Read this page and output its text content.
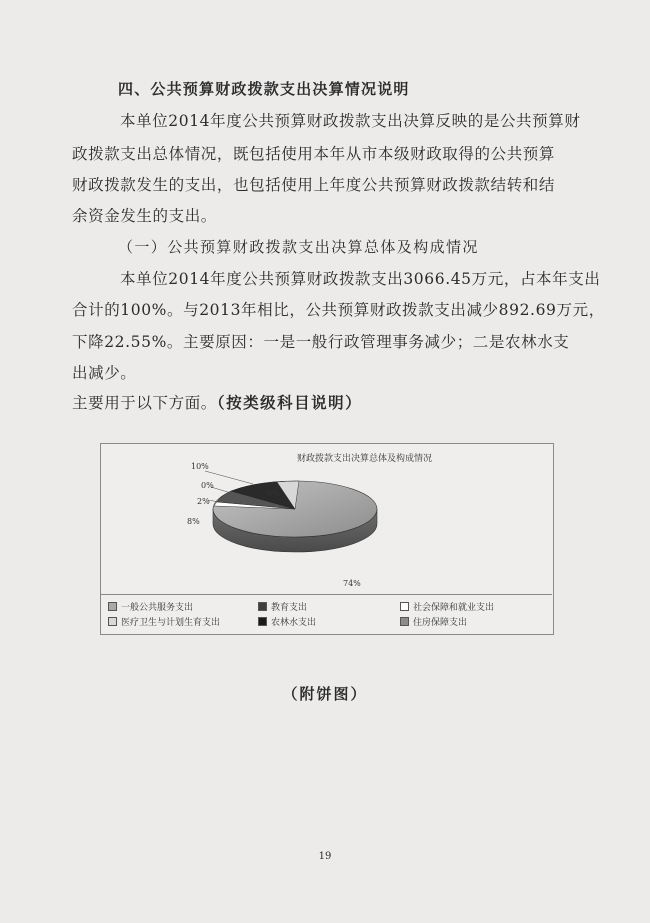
四、公共预算财政拨款支出决算情况说明
本单位2014年度公共预算财政拨款支出决算反映的是公共预算财
政拨款支出总体情况，既包括使用本年从市本级财政取得的公共预算
财政拨款发生的支出，也包括使用上年度公共预算财政拨款结转和结
余资金发生的支出。
（一）公共预算财政拨款支出决算总体及构成情况
本单位2014年度公共预算财政拨款支出3066.45万元，占本年支出
合计的100%。与2013年相比，公共预算财政拨款支出减少892.69万元，
下降22.55%。主要原因：一是一般行政管理事务减少；二是农林水支
出减少。
主要用于以下方面。（按类级科目说明）
财政拨款支出决算总体及构成情况
74%
8%
2%
0%
10%
6%
一般公共服务支出	教育支出	社会保障和就业支出
医疗卫生与计划生育支出	农林水支出	住房保障支出
（附饼图）
19
